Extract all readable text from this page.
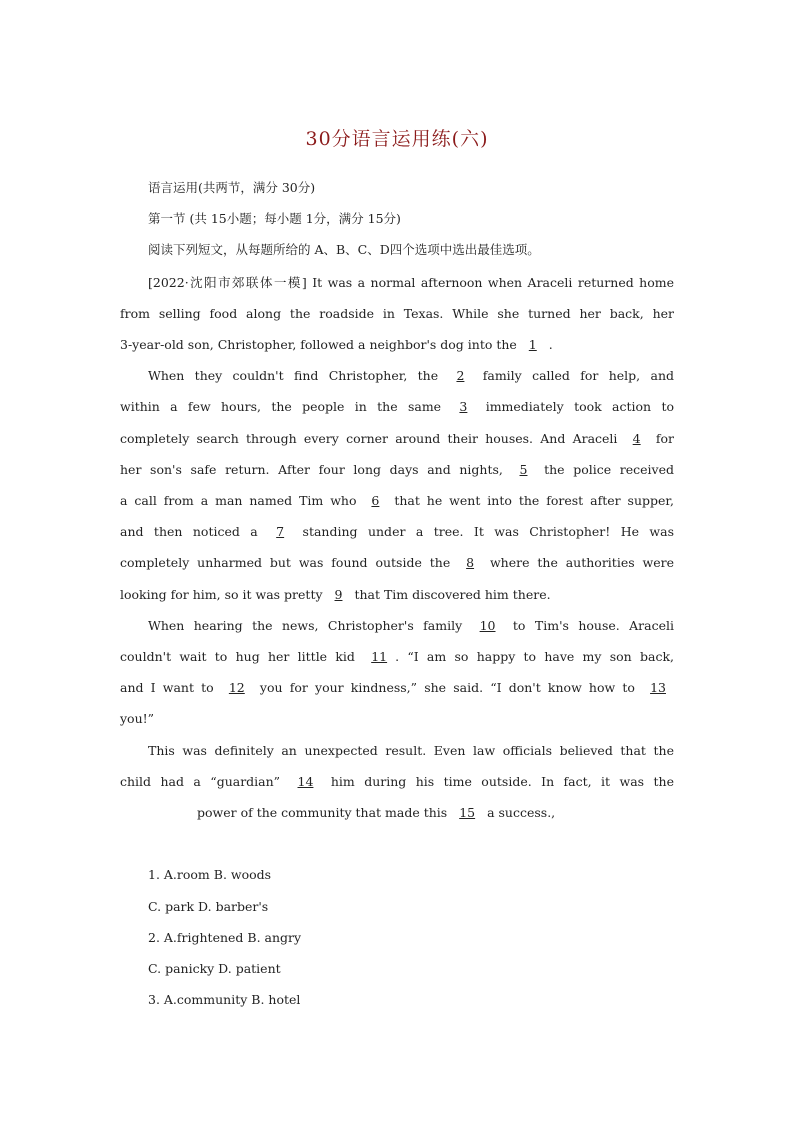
30分语言运用练(六)
语言运用(共两节，满分 30分)
第一节 (共 15小题；每小题 1分，满分 15分)
阅读下列短文，从每题所给的 A、B、C、D四个选项中选出最佳选项。
[2022·沈阳市郊联体一模] It was a normal afternoon when Araceli returned home
from selling food along the roadside in Texas. While she turned her back, her
3-year-old son, Christopher, followed a neighbor's dog into the 1 .
When they couldn't find Christopher, the 2 family called for help, and
within a few hours, the people in the same 3 immediately took action to
completely search through every corner around their houses. And Araceli 4 for
her son's safe return. After four long days and nights, 5 the police received
a call from a man named Tim who 6 that he went into the forest after supper,
and then noticed a 7 standing under a tree. It was Christopher! He was
completely unharmed but was found outside the 8 where the authorities were
looking for him, so it was pretty 9 that Tim discovered him there.
When hearing the news, Christopher's family 10 to Tim's house. Araceli
couldn't wait to hug her little kid 11 . “I am so happy to have my son back,
and I want to 12 you for your kindness,” she said. “I don't know how to 13
you!”
This was definitely an unexpected result. Even law officials believed that the
child had a “guardian” 14 him during his time outside. In fact, it was the
power of the community that made this 15 a success.,
1. A.room B. woods
C. park D. barber's
2. A.frightened B. angry
C. panicky D. patient
3. A.community B. hotel
